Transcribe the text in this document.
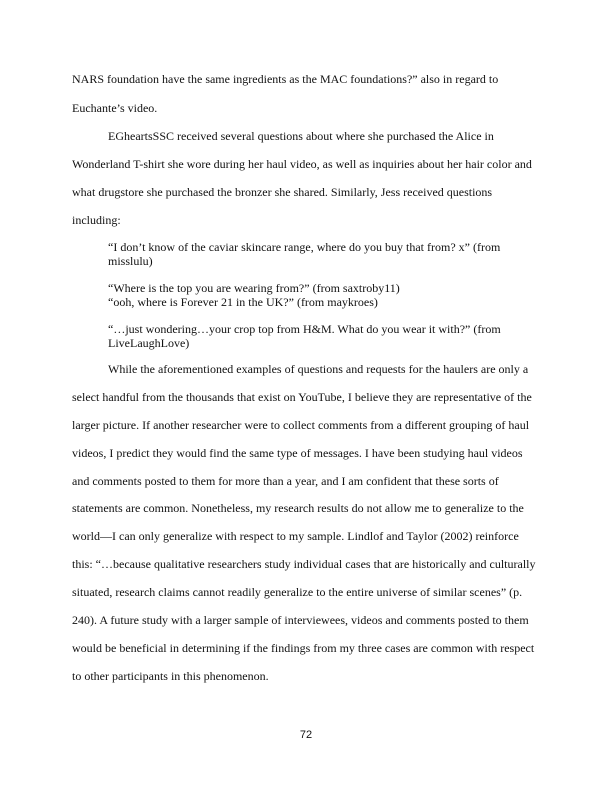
NARS foundation have the same ingredients as the MAC foundations?” also in regard to
Euchante’s video.
EGheartsSSC received several questions about where she purchased the Alice in
Wonderland T-shirt she wore during her haul video, as well as inquiries about her hair color and
what drugstore she purchased the bronzer she shared. Similarly, Jess received questions
including:
“I don’t know of the caviar skincare range, where do you buy that from? x” (from
misslulu)
“Where is the top you are wearing from?” (from saxtroby11)
“ooh, where is Forever 21 in the UK?” (from maykroes)
“…just wondering…your crop top from H&M. What do you wear it with?” (from
LiveLaughLove)
While the aforementioned examples of questions and requests for the haulers are only a
select handful from the thousands that exist on YouTube, I believe they are representative of the
larger picture. If another researcher were to collect comments from a different grouping of haul
videos, I predict they would find the same type of messages. I have been studying haul videos
and comments posted to them for more than a year, and I am confident that these sorts of
statements are common. Nonetheless, my research results do not allow me to generalize to the
world—I can only generalize with respect to my sample. Lindlof and Taylor (2002) reinforce
this: “…because qualitative researchers study individual cases that are historically and culturally
situated, research claims cannot readily generalize to the entire universe of similar scenes” (p.
240). A future study with a larger sample of interviewees, videos and comments posted to them
would be beneficial in determining if the findings from my three cases are common with respect
to other participants in this phenomenon.
72
